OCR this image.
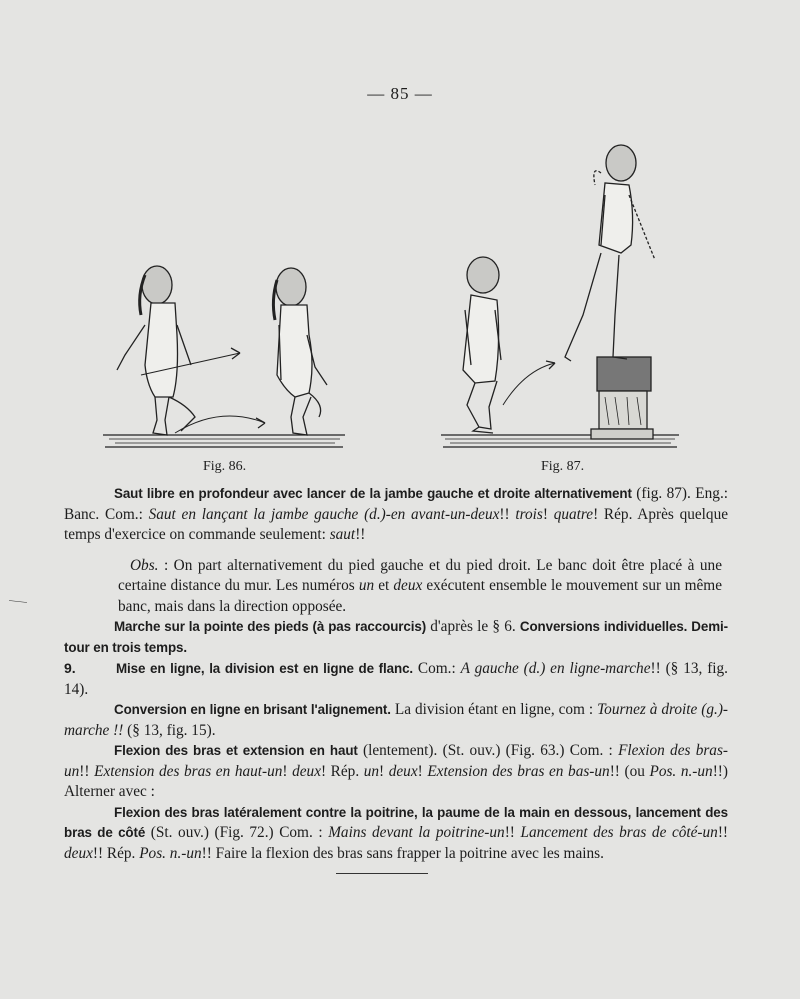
— 85 —
Fig. 86.	Fig. 87.

Saut libre en profondeur avec lancer de la jambe gauche et droite alternativement (fig. 87). Eng.: Banc. Com.: Saut en lançant la jambe gauche (d.)-en avant-un-deux!! trois! quatre! Rép. Après quelque temps d'exercice on commande seulement: saut!!

Obs. : On part alternativement du pied gauche et du pied droit. Le banc doit être placé à une certaine distance du mur. Les numéros un et deux exécutent ensemble le mouvement sur un même banc, mais dans la direction opposée.

Marche sur la pointe des pieds (à pas raccourcis) d'après le § 6. Conversions individuelles. Demi-tour en trois temps.

9.	Mise en ligne, la division est en ligne de flanc. Com.: A gauche (d.) en ligne-marche!! (§ 13, fig. 14).

Conversion en ligne en brisant l'alignement. La division étant en ligne, com : Tournez à droite (g.)-marche !! (§ 13, fig. 15).

Flexion des bras et extension en haut (lentement). (St. ouv.) (Fig. 63.) Com. : Flexion des bras-un!! Extension des bras en haut-un! deux! Rép. un! deux! Extension des bras en bas-un!! (ou Pos. n.-un!!) Alterner avec :

Flexion des bras latéralement contre la poitrine, la paume de la main en dessous, lancement des bras de côté (St. ouv.) (Fig. 72.) Com. : Mains devant la poitrine-un!! Lancement des bras de côté-un!! deux!! Rép. Pos. n.-un!! Faire la flexion des bras sans frapper la poitrine avec les mains.
